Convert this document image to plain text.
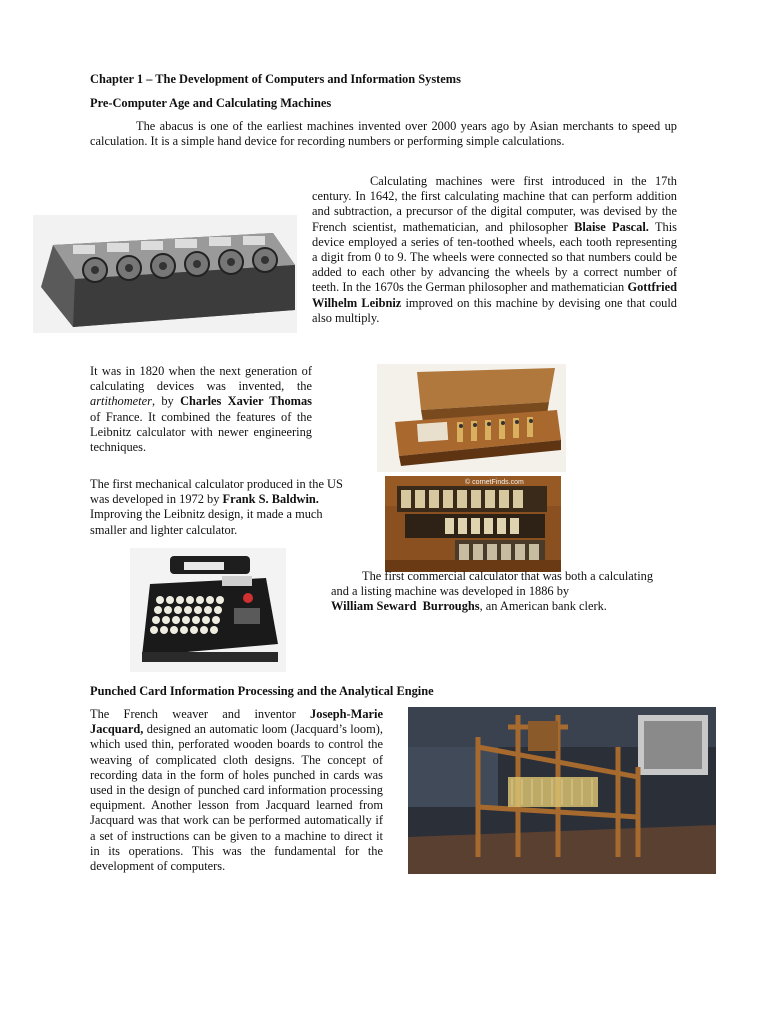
Chapter 1 – The Development of Computers and Information Systems
Pre-Computer Age and Calculating Machines
The abacus is one of the earliest machines invented over 2000 years ago by Asian merchants to speed up calculation. It is a simple hand device for recording numbers or performing simple calculations.
Calculating machines were first introduced in the 17th century. In 1642, the first calculating machine that can perform addition and subtraction, a precursor of the digital computer, was devised by the French scientist, mathematician, and philosopher Blaise Pascal. This device employed a series of ten-toothed wheels, each tooth representing a digit from 0 to 9. The wheels were connected so that numbers could be added to each other by advancing the wheels by a correct number of teeth. In the 1670s the German philosopher and mathematician Gottfried Wilhelm Leibniz improved on this machine by devising one that could also multiply.
It was in 1820 when the next generation of calculating devices was invented, the artithometer, by Charles Xavier Thomas of France. It combined the features of the Leibnitz calculator with newer engineering techniques.
The first mechanical calculator produced in the US was developed in 1972 by Frank S. Baldwin. Improving the Leibnitz design, it made a much smaller and lighter calculator.
© cornetFinds.com
The first commercial calculator that was both a calculating and a listing machine was developed in 1886 by William Seward  Burroughs, an American bank clerk.
Punched Card Information Processing and the Analytical Engine
The French weaver and inventor Joseph-Marie Jacquard, designed an automatic loom (Jacquard’s loom), which used thin, perforated wooden boards to control the weaving of complicated cloth designs. The concept of recording data in the form of holes punched in cards was used in the design of punched card information processing equipment. Another lesson from Jacquard learned from Jacquard was that work can be performed automatically if a set of instructions can be given to a machine to direct it in its operations. This was the fundamental for the development of computers.
